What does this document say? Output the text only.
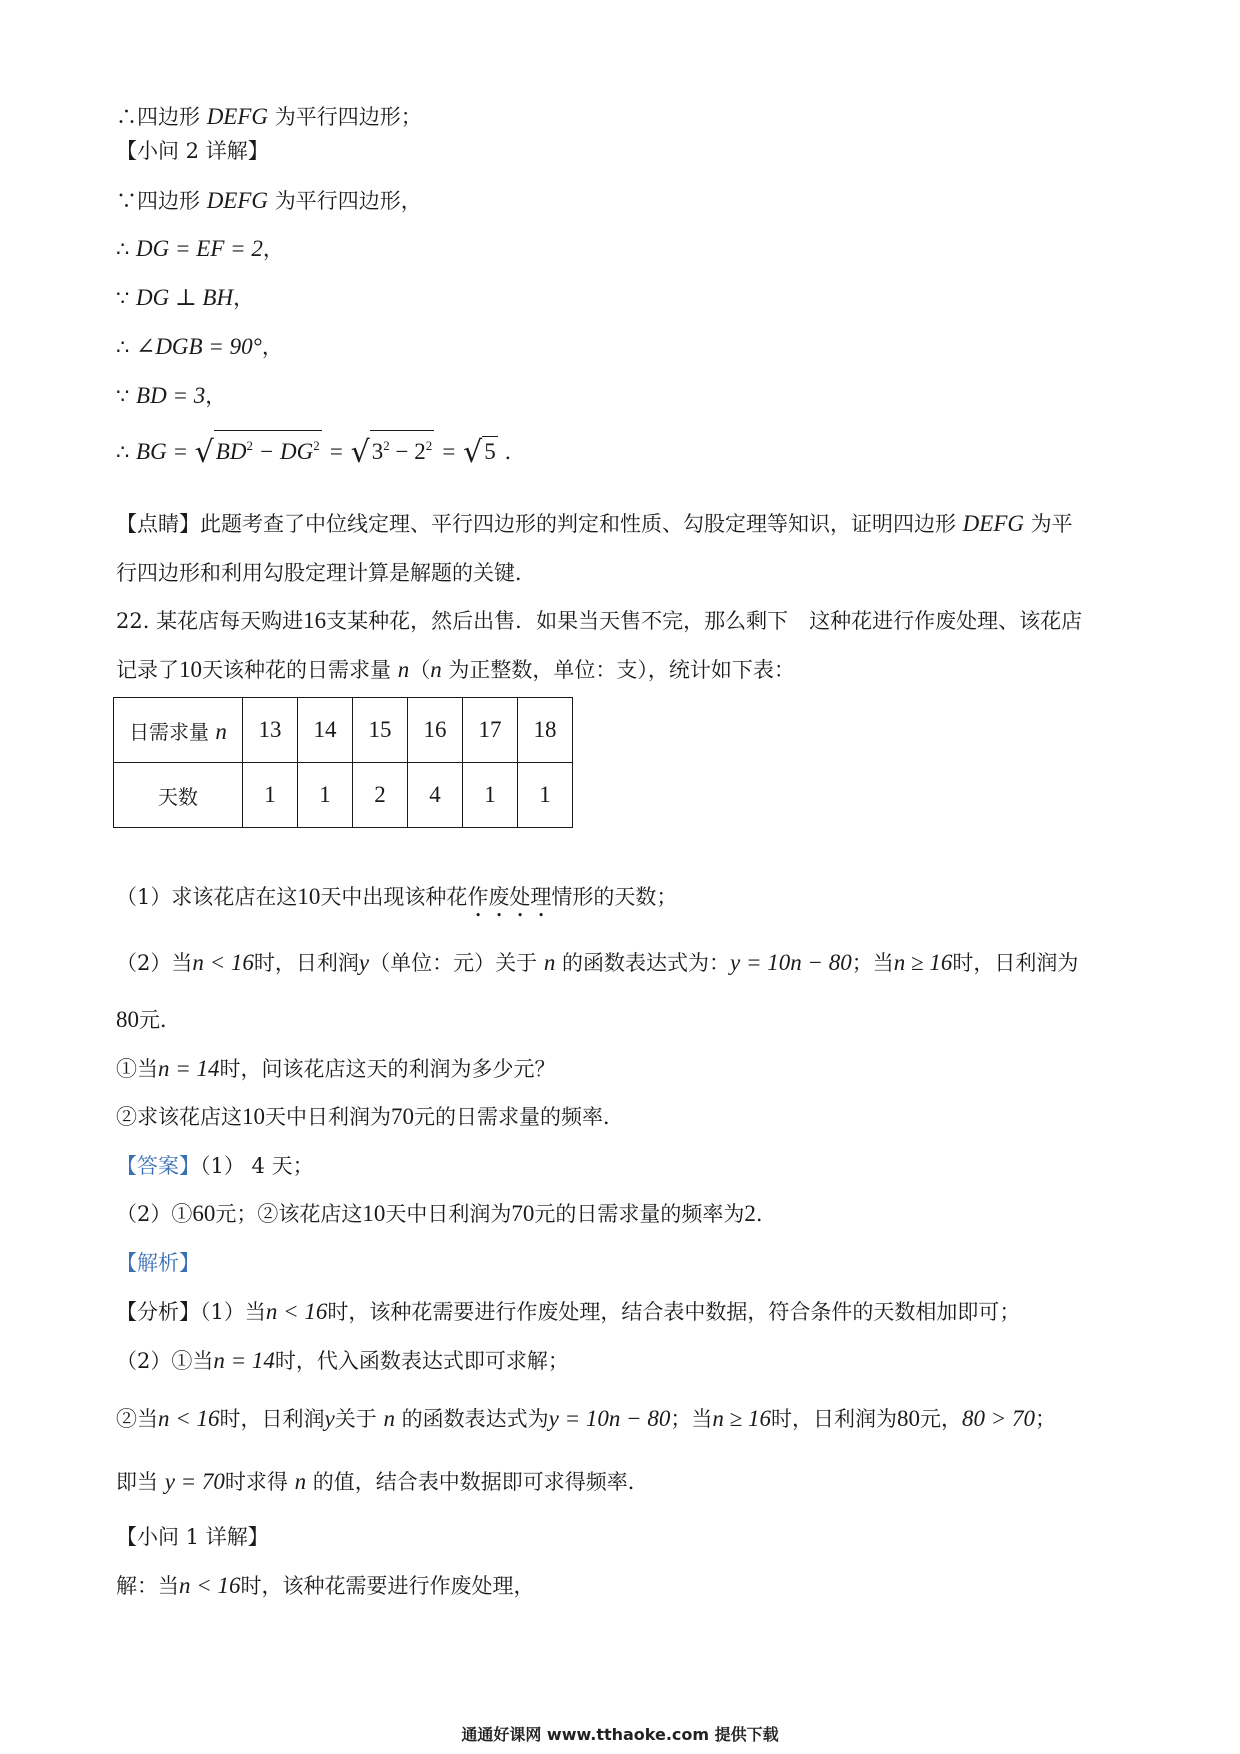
∴四边形 DEFG 为平行四边形；
【小问 2 详解】
∵四边形 DEFG 为平行四边形，
∴ DG = EF = 2，
∵ DG ⊥ BH，
∴ ∠DGB = 90°，
∵ BD = 3，
∴ BG = $√BD^2 - DG^2 = √3^2 - 2^2 = √5$ .
【点睛】此题考查了中位线定理、平行四边形的判定和性质、勾股定理等知识，证明四边形 DEFG 为平
行四边形和利用勾股定理计算是解题的关键．
22. 某花店每天购进16支某种花，然后出售．如果当天售不完，那么剩下　这种花进行作废处理、该花店
记录了10天该种花的日需求量 n（n 为正整数，单位：支），统计如下表：
日需求量 n	13	14	15	16	17	18
天数	1	1	2	4	1	1
（1）求该花店在这10天中出现该种花作废处理情形的天数；
（2）当n < 16时，日利润y（单位：元）关于 n 的函数表达式为：y = 10n − 80；当n ≥ 16时，日利润为
80元．
①当n = 14时，问该花店这天的利润为多少元？
②求该花店这10天中日利润为70元的日需求量的频率．
【答案】（1） 4 天；
（2）①60元；②该花店这10天中日利润为70元的日需求量的频率为2.
【解析】
【分析】（1）当n < 16时，该种花需要进行作废处理，结合表中数据，符合条件的天数相加即可；
（2）①当n = 14时，代入函数表达式即可求解；
②当n < 16时，日利润y关于 n 的函数表达式为y = 10n − 80；当n ≥ 16时，日利润为80元，80 > 70；
即当 y = 70时求得 n 的值，结合表中数据即可求得频率．
【小问 1 详解】
解：当n < 16时，该种花需要进行作废处理，
通通好课网 www.tthaoke.com 提供下载
